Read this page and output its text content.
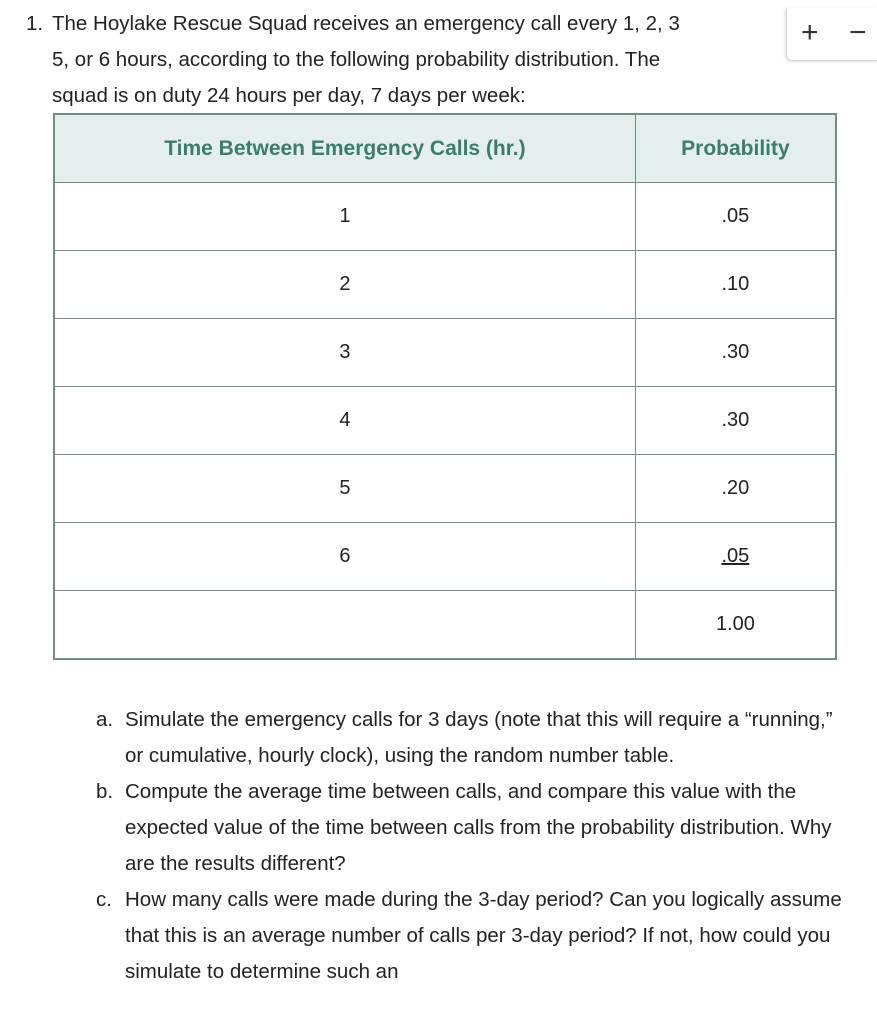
1. The Hoylake Rescue Squad receives an emergency call every 1, 2, 3
5, or 6 hours, according to the following probability distribution. The
squad is on duty 24 hours per day, 7 days per week:
+ −
Time Between Emergency Calls (hr.)	Probability
1	.05
2	.10
3	.30
4	.30
5	.20
6	.05
	1.00
a. Simulate the emergency calls for 3 days (note that this will require a “running,” or cumulative, hourly clock), using the random number table.
b. Compute the average time between calls, and compare this value with the expected value of the time between calls from the probability distribution. Why are the results different?
c. How many calls were made during the 3-day period? Can you logically assume that this is an average number of calls per 3-day period? If not, how could you simulate to determine such an
